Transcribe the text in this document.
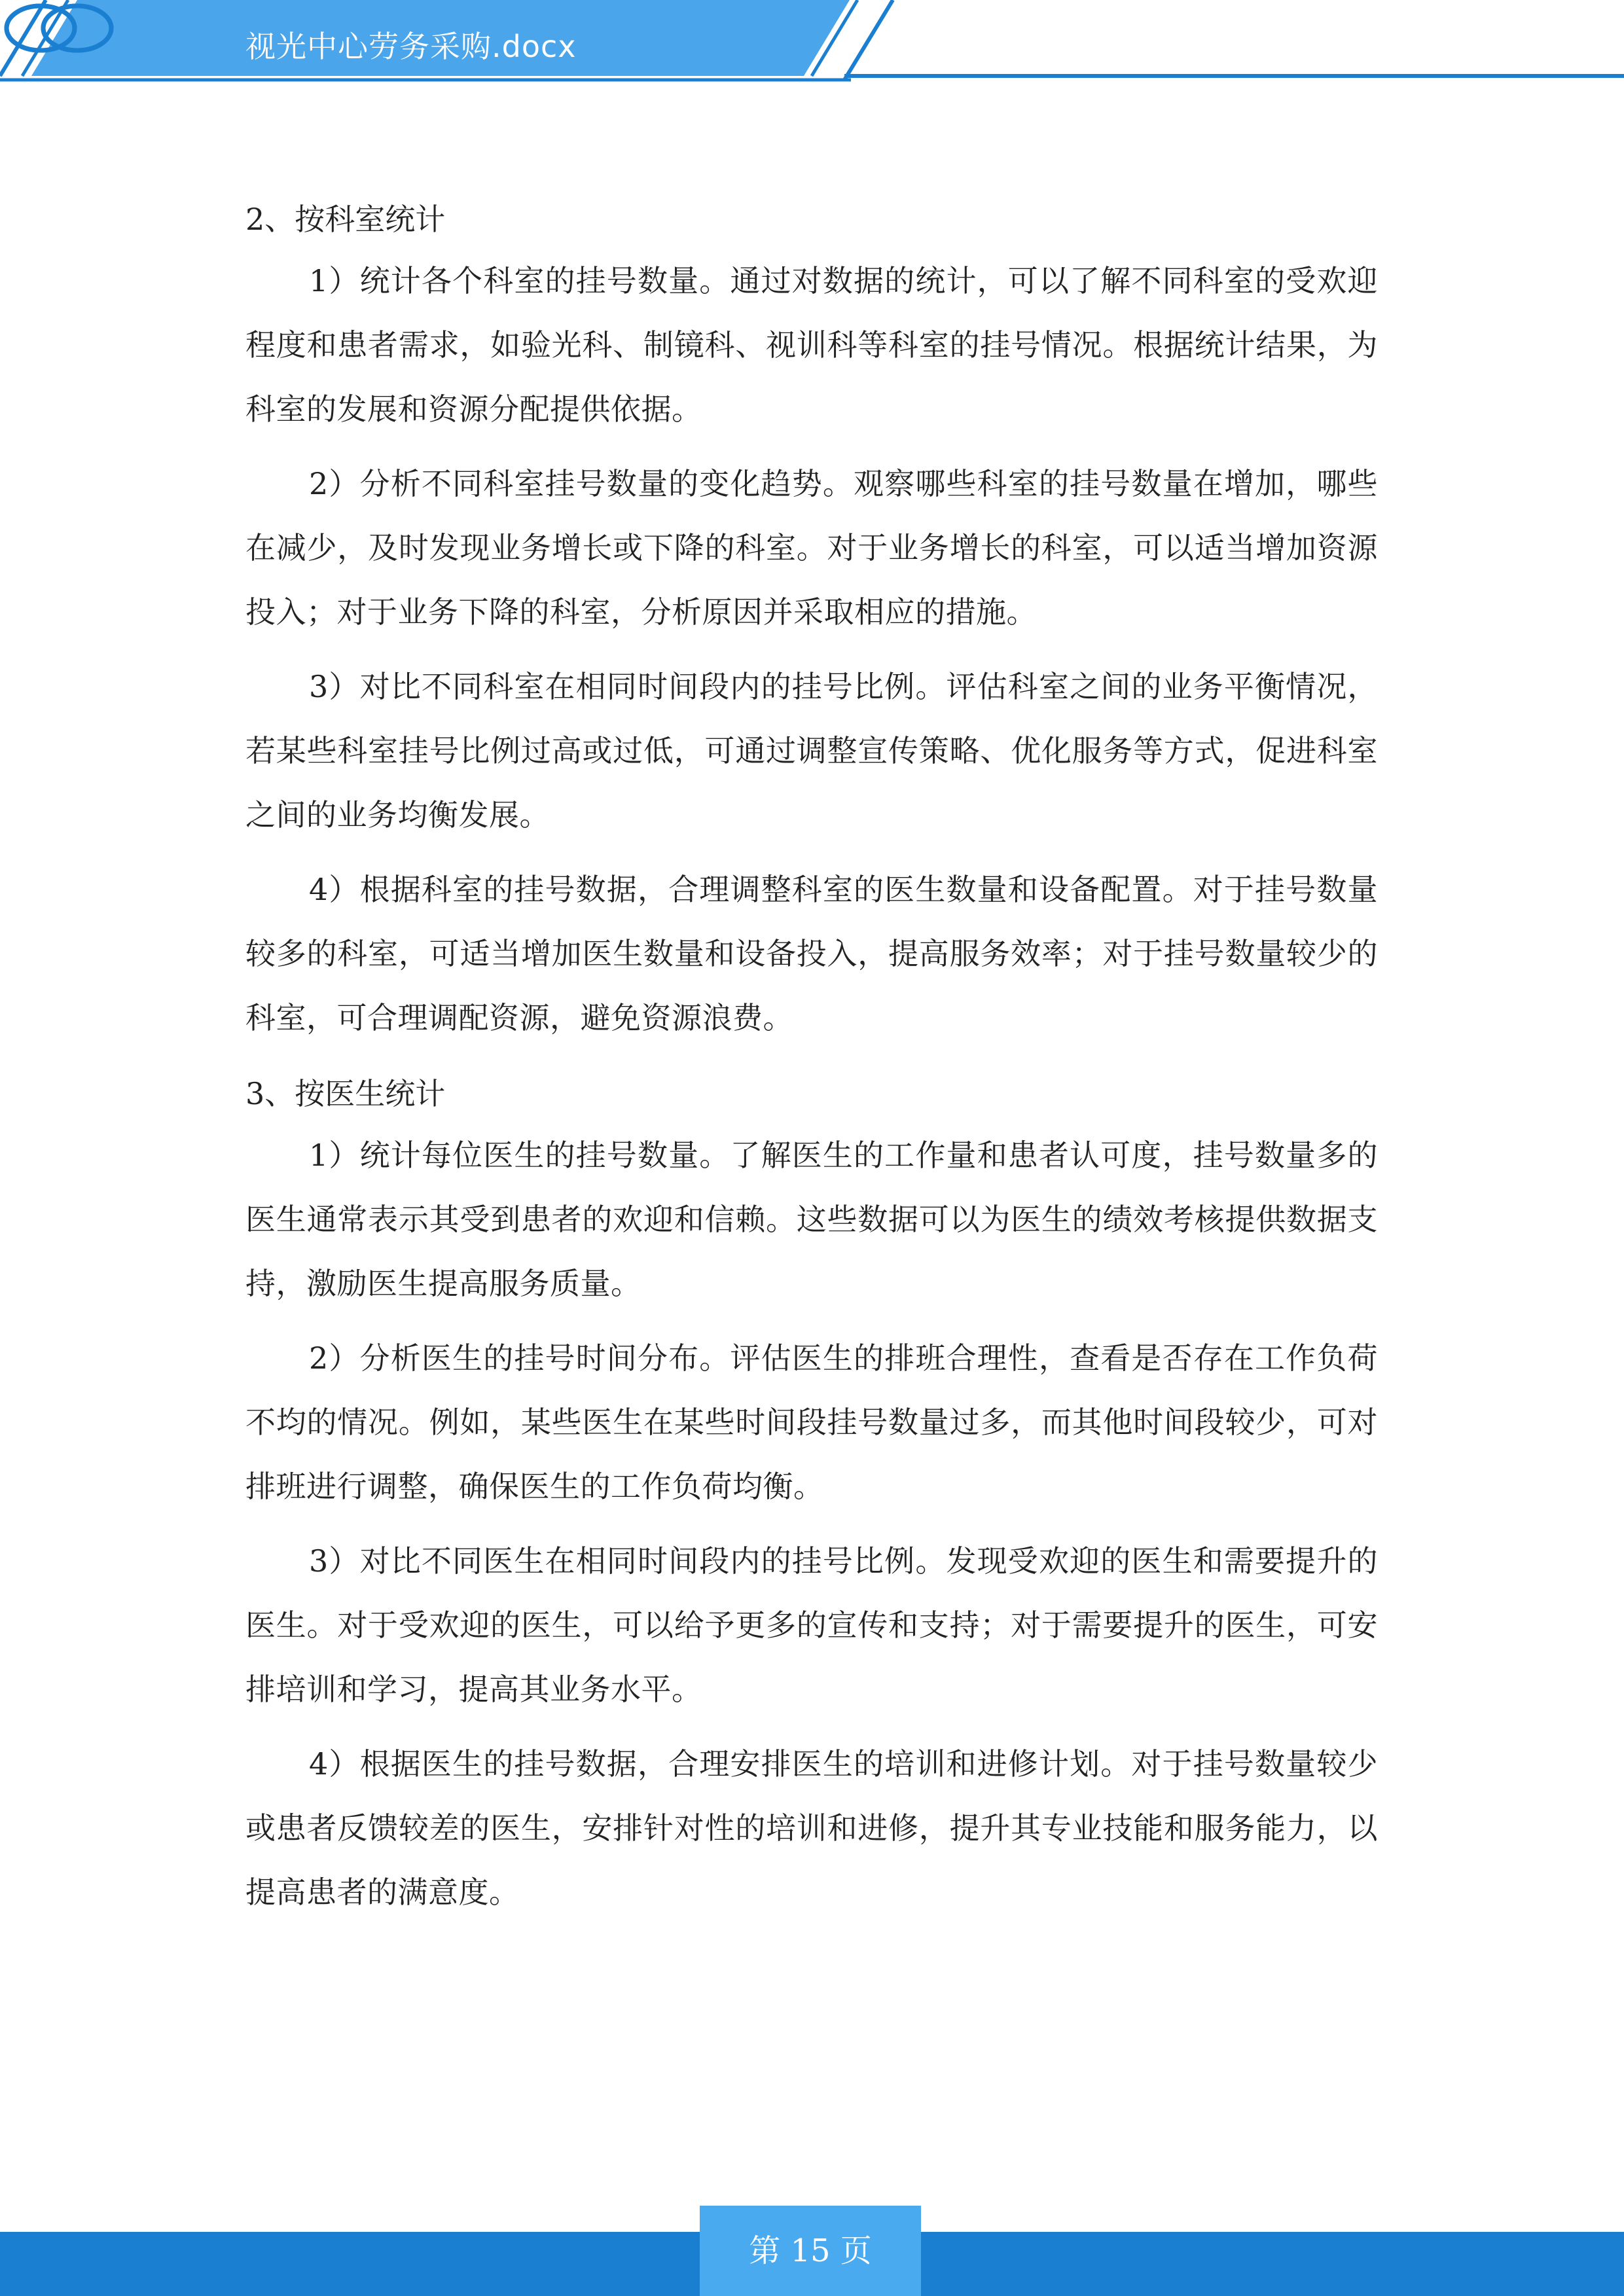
视光中心劳务采购.docx
2、按科室统计

1）统计各个科室的挂号数量。通过对数据的统计，可以了解不同科室的受欢迎程度和患者需求，如验光科、制镜科、视训科等科室的挂号情况。根据统计结果，为科室的发展和资源分配提供依据。

2）分析不同科室挂号数量的变化趋势。观察哪些科室的挂号数量在增加，哪些在减少，及时发现业务增长或下降的科室。对于业务增长的科室，可以适当增加资源投入；对于业务下降的科室，分析原因并采取相应的措施。

3）对比不同科室在相同时间段内的挂号比例。评估科室之间的业务平衡情况，若某些科室挂号比例过高或过低，可通过调整宣传策略、优化服务等方式，促进科室之间的业务均衡发展。

4）根据科室的挂号数据，合理调整科室的医生数量和设备配置。对于挂号数量较多的科室，可适当增加医生数量和设备投入，提高服务效率；对于挂号数量较少的科室，可合理调配资源，避免资源浪费。

3、按医生统计

1）统计每位医生的挂号数量。了解医生的工作量和患者认可度，挂号数量多的医生通常表示其受到患者的欢迎和信赖。这些数据可以为医生的绩效考核提供数据支持，激励医生提高服务质量。

2）分析医生的挂号时间分布。评估医生的排班合理性，查看是否存在工作负荷不均的情况。例如，某些医生在某些时间段挂号数量过多，而其他时间段较少，可对排班进行调整，确保医生的工作负荷均衡。

3）对比不同医生在相同时间段内的挂号比例。发现受欢迎的医生和需要提升的医生。对于受欢迎的医生，可以给予更多的宣传和支持；对于需要提升的医生，可安排培训和学习，提高其业务水平。

4）根据医生的挂号数据，合理安排医生的培训和进修计划。对于挂号数量较少或患者反馈较差的医生，安排针对性的培训和进修，提升其专业技能和服务能力，以提高患者的满意度。

第 15 页
